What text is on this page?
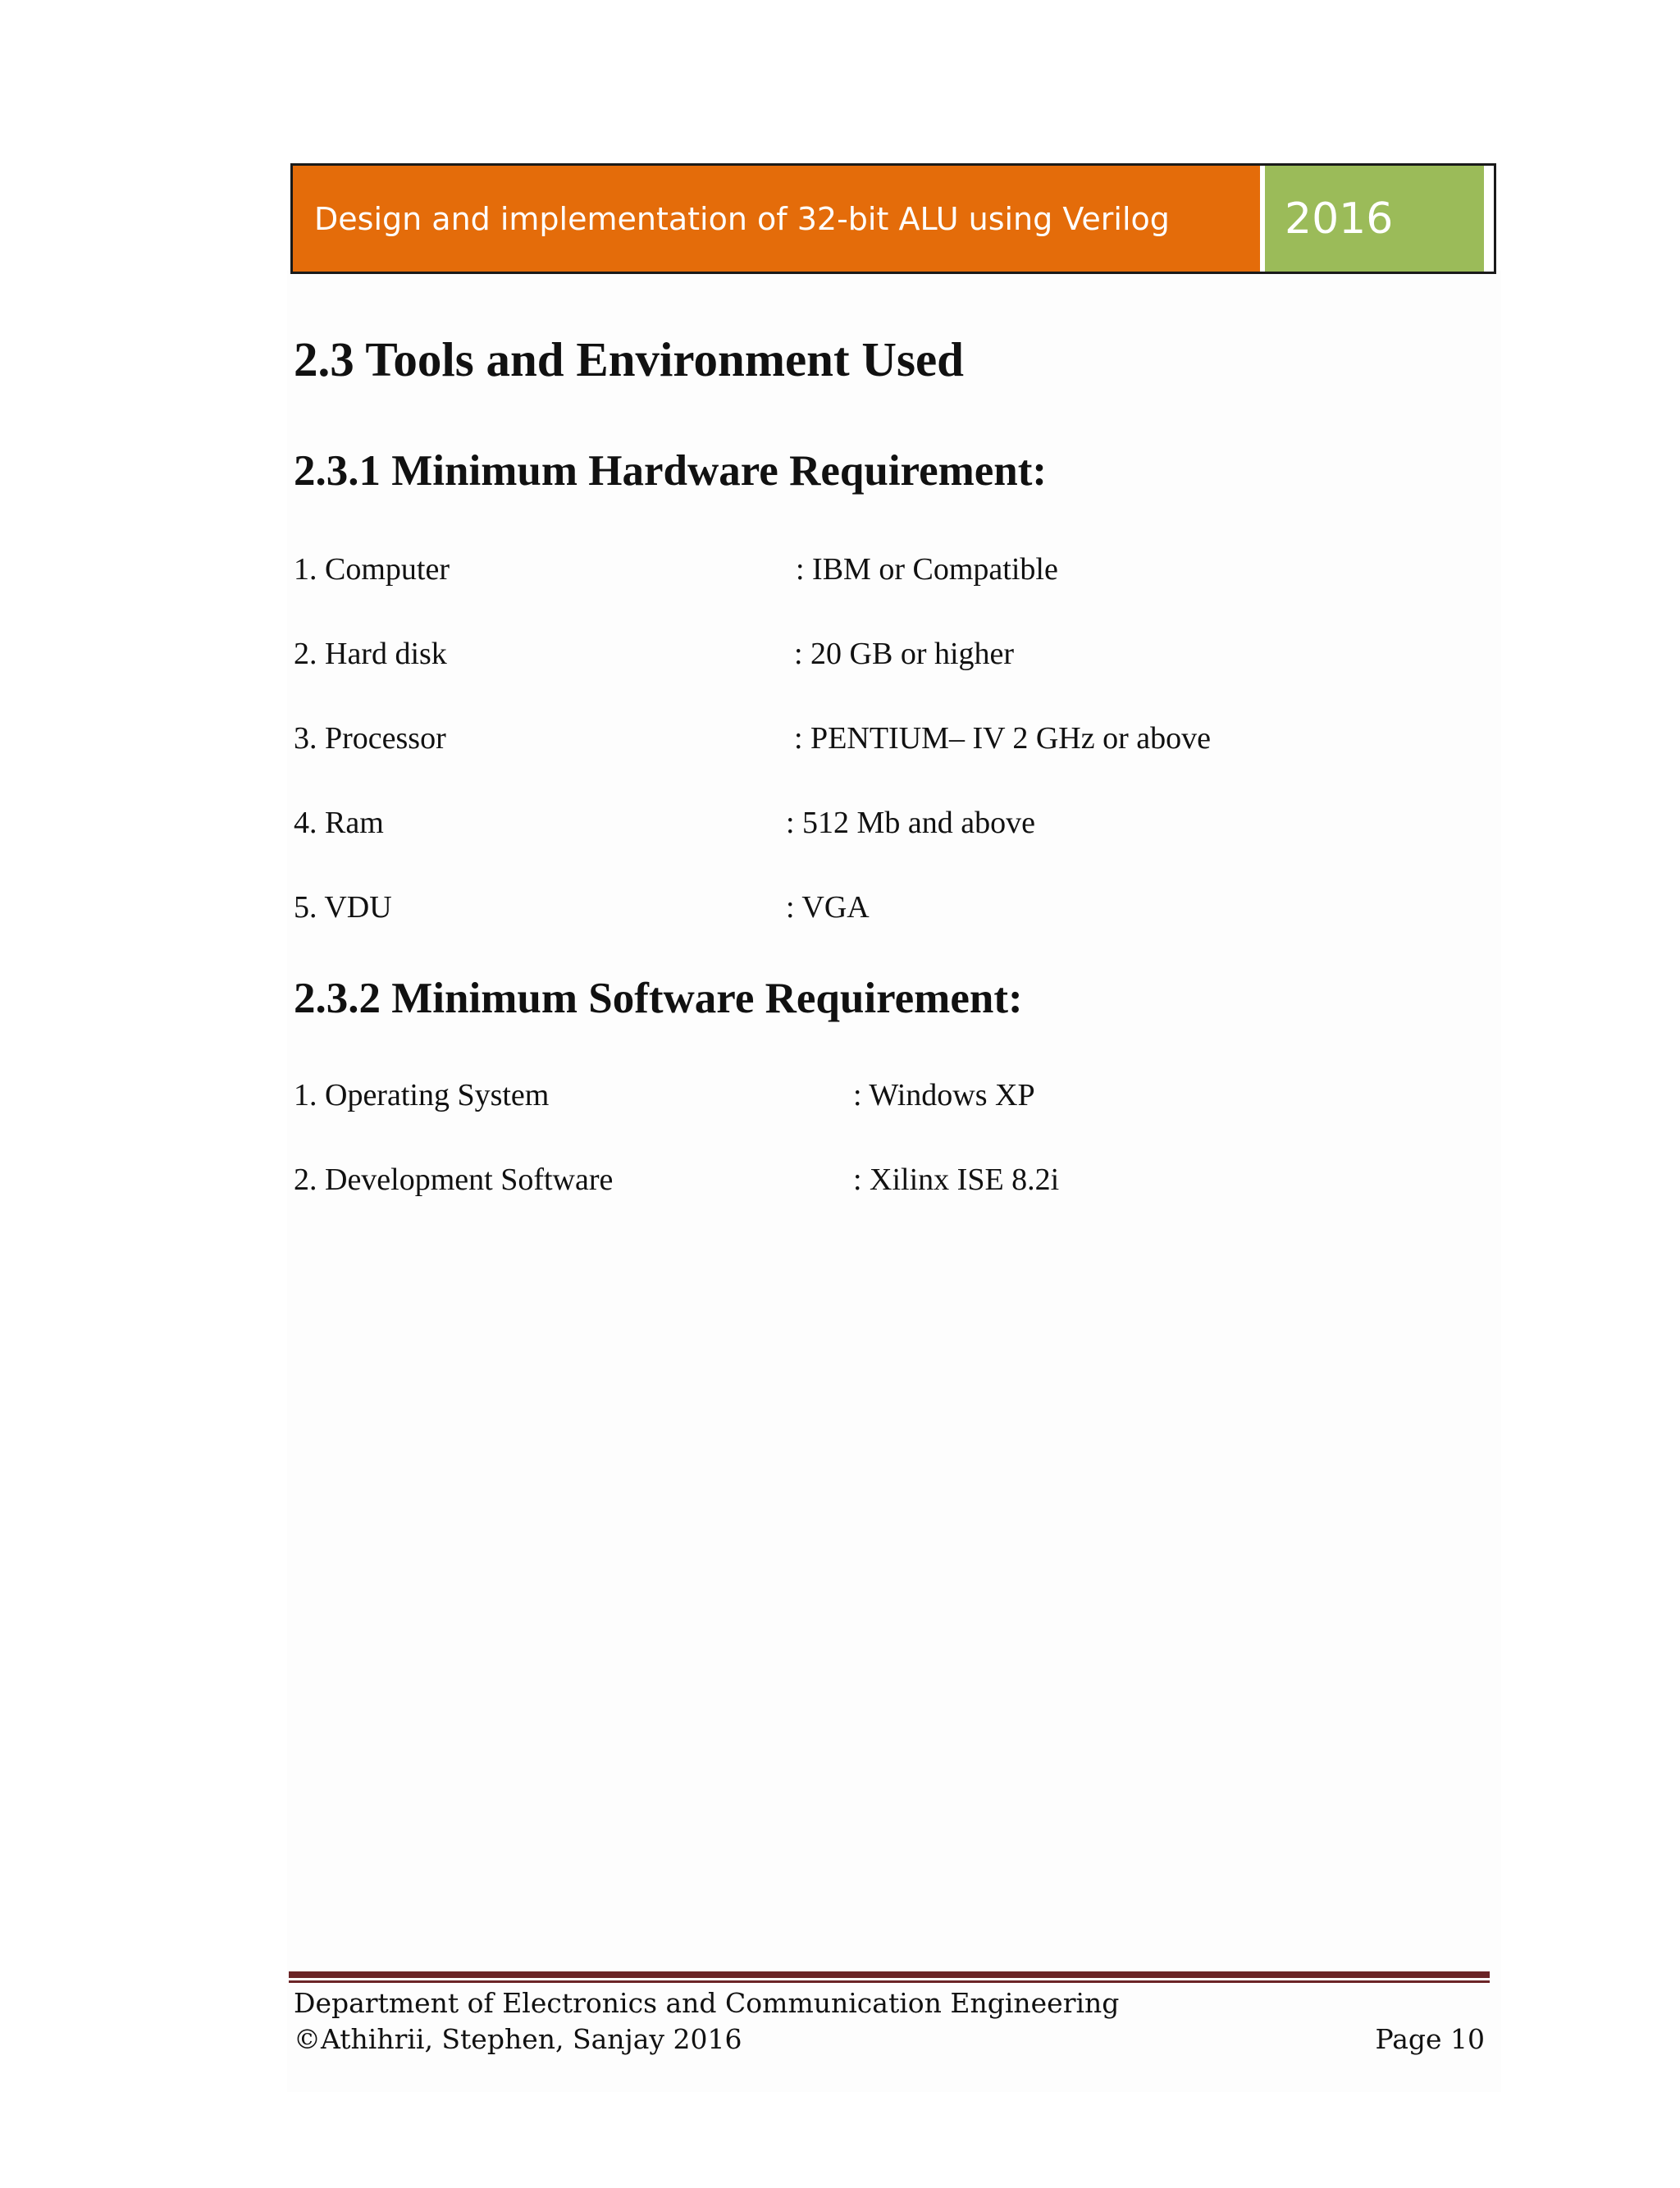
Design and implementation of 32-bit ALU using Verilog	2016
2.3 Tools and Environment Used
2.3.1 Minimum Hardware Requirement:
1. Computer	: IBM or Compatible
2. Hard disk	: 20 GB or higher
3. Processor	: PENTIUM– IV 2 GHz or above
4. Ram	: 512 Mb and above
5. VDU	: VGA
2.3.2 Minimum Software Requirement:
1. Operating System	: Windows XP
2. Development Software	: Xilinx ISE 8.2i
Department of Electronics and Communication Engineering
©Athihrii, Stephen, Sanjay 2016	Page 10
